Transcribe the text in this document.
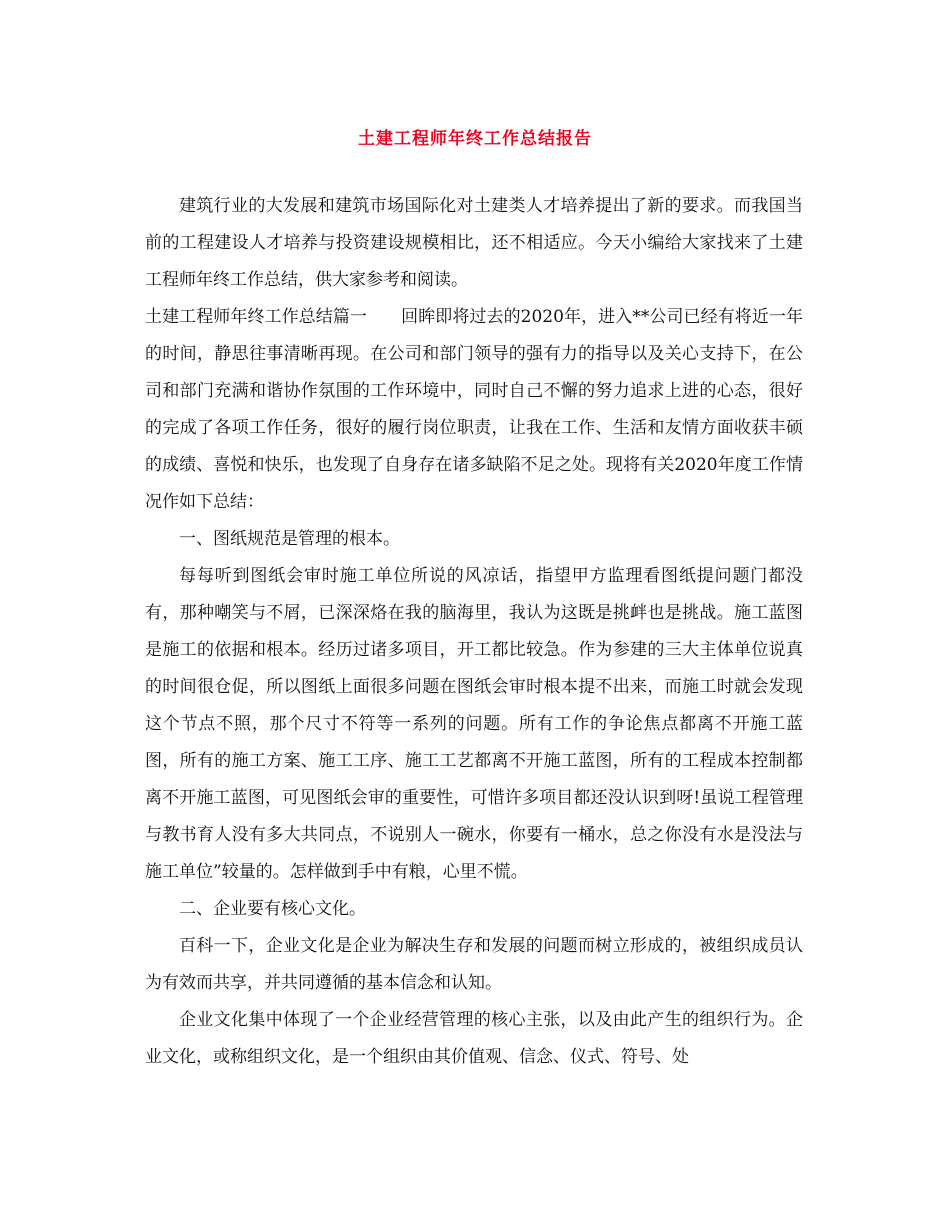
土建工程师年终工作总结报告

建筑行业的大发展和建筑市场国际化对土建类人才培养提出了新的要求。而我国当前的工程建设人才培养与投资建设规模相比，还不相适应。今天小编给大家找来了土建工程师年终工作总结，供大家参考和阅读。

土建工程师年终工作总结篇一　　回眸即将过去的2020年，进入**公司已经有将近一年的时间，静思往事清晰再现。在公司和部门领导的强有力的指导以及关心支持下，在公司和部门充满和谐协作氛围的工作环境中，同时自己不懈的努力追求上进的心态，很好的完成了各项工作任务，很好的履行岗位职责，让我在工作、生活和友情方面收获丰硕的成绩、喜悦和快乐，也发现了自身存在诸多缺陷不足之处。现将有关2020年度工作情况作如下总结：

一、图纸规范是管理的根本。

每每听到图纸会审时施工单位所说的风凉话，指望甲方监理看图纸提问题门都没有，那种嘲笑与不屑，已深深烙在我的脑海里，我认为这既是挑衅也是挑战。施工蓝图是施工的依据和根本。经历过诸多项目，开工都比较急。作为参建的三大主体单位说真的时间很仓促，所以图纸上面很多问题在图纸会审时根本提不出来，而施工时就会发现这个节点不照，那个尺寸不符等一系列的问题。所有工作的争论焦点都离不开施工蓝图，所有的施工方案、施工工序、施工工艺都离不开施工蓝图，所有的工程成本控制都离不开施工蓝图，可见图纸会审的重要性，可惜许多项目都还没认识到呀!虽说工程管理与教书育人没有多大共同点，不说别人一碗水，你要有一桶水，总之你没有水是没法与施工单位”较量的。怎样做到手中有粮，心里不慌。

二、企业要有核心文化。

百科一下，企业文化是企业为解决生存和发展的问题而树立形成的，被组织成员认为有效而共享，并共同遵循的基本信念和认知。

企业文化集中体现了一个企业经营管理的核心主张，以及由此产生的组织行为。企业文化，或称组织文化，是一个组织由其价值观、信念、仪式、符号、处
